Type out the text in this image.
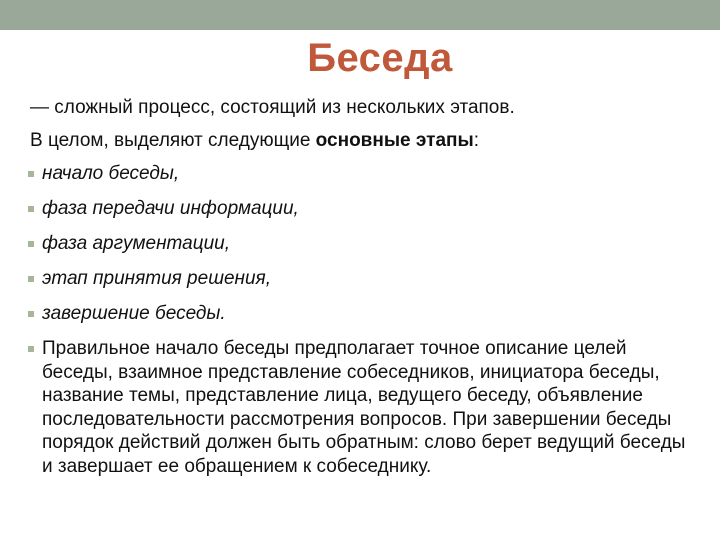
Беседа

— сложный процесс, состоящий из нескольких этапов.

В целом, выделяют следующие основные этапы:

начало беседы,
фаза передачи информации,
фаза аргументации,
этап принятия решения,
завершение беседы.
Правильное начало беседы предполагает точное описание целей беседы, взаимное представление собеседников, инициатора беседы, название темы, представление лица, ведущего беседу, объявление последовательности рассмотрения вопросов. При завершении беседы порядок действий должен быть обратным: слово берет ведущий беседы и завершает ее обращением к собеседнику.
